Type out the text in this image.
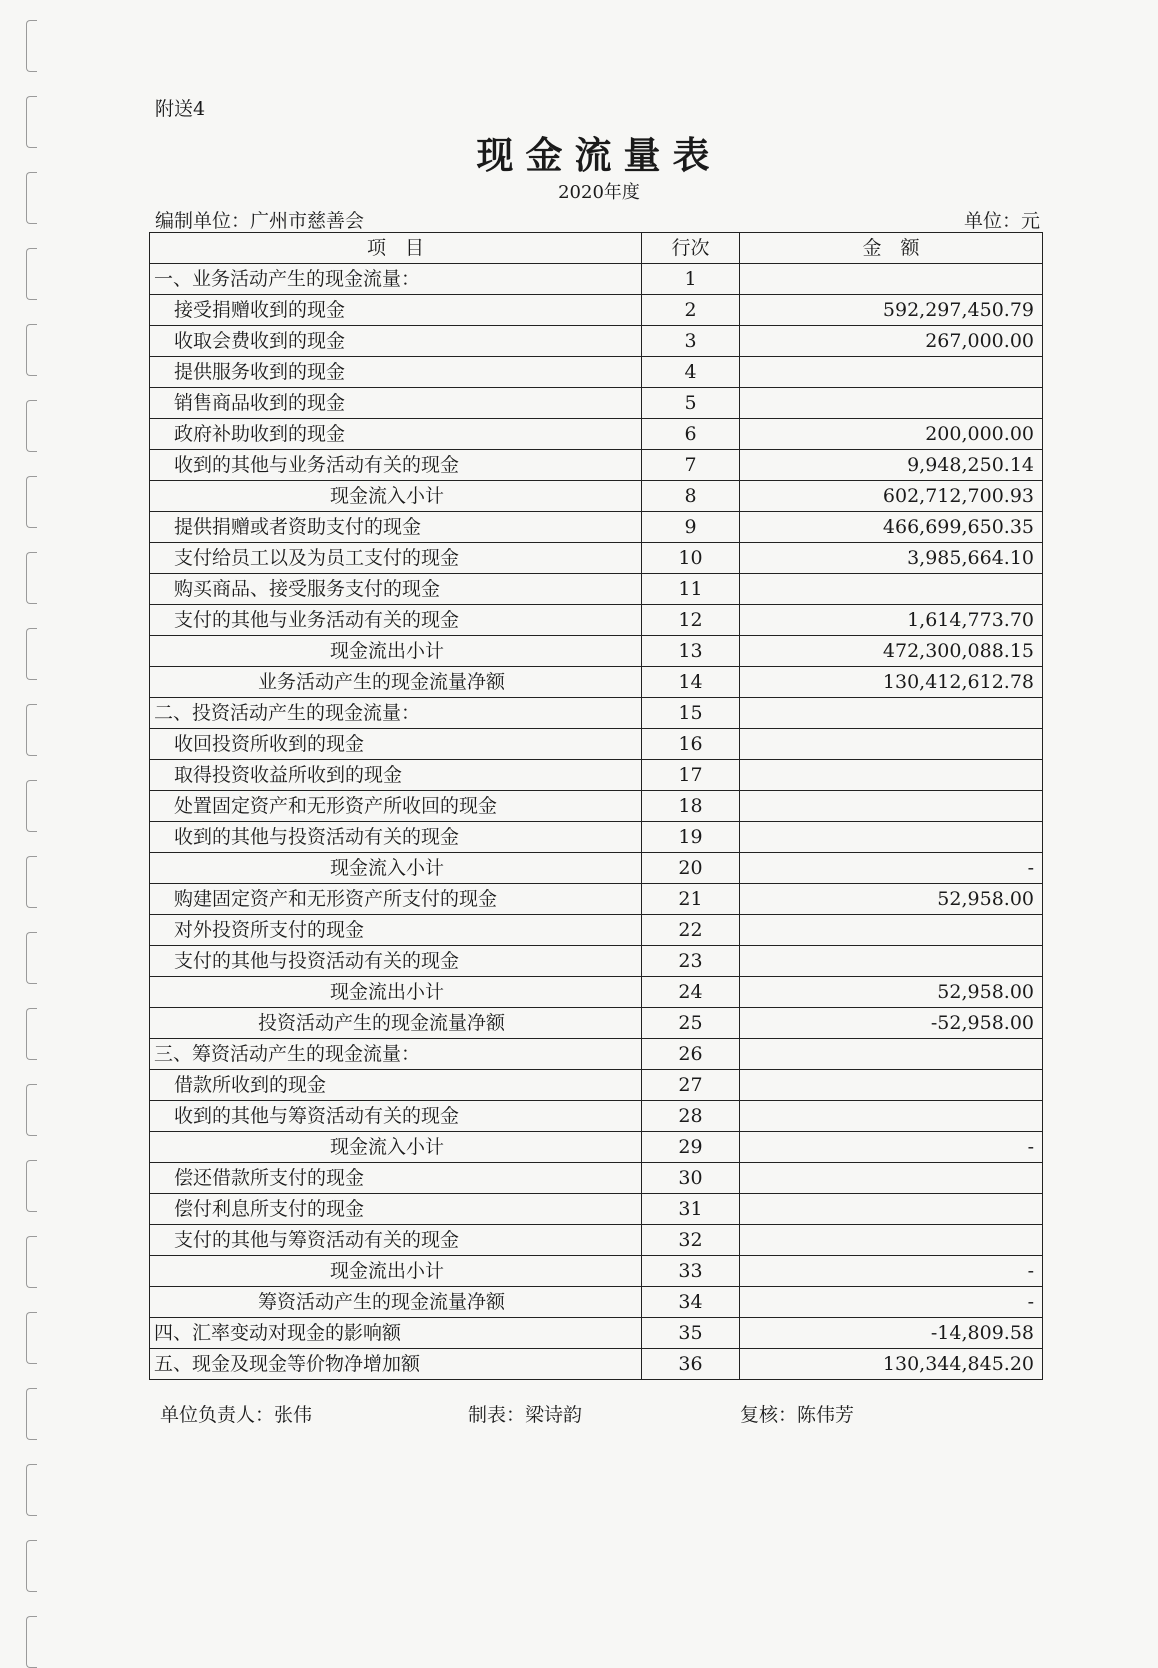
附送4
现金流量表
2020年度
编制单位：广州市慈善会	单位：元
项　目	行次	金　额
一、业务活动产生的现金流量：	1	
接受捐赠收到的现金	2	592,297,450.79
收取会费收到的现金	3	267,000.00
提供服务收到的现金	4	
销售商品收到的现金	5	
政府补助收到的现金	6	200,000.00
收到的其他与业务活动有关的现金	7	9,948,250.14
现金流入小计	8	602,712,700.93
提供捐赠或者资助支付的现金	9	466,699,650.35
支付给员工以及为员工支付的现金	10	3,985,664.10
购买商品、接受服务支付的现金	11	
支付的其他与业务活动有关的现金	12	1,614,773.70
现金流出小计	13	472,300,088.15
业务活动产生的现金流量净额	14	130,412,612.78
二、投资活动产生的现金流量：	15	
收回投资所收到的现金	16	
取得投资收益所收到的现金	17	
处置固定资产和无形资产所收回的现金	18	
收到的其他与投资活动有关的现金	19	
现金流入小计	20	-
购建固定资产和无形资产所支付的现金	21	52,958.00
对外投资所支付的现金	22	
支付的其他与投资活动有关的现金	23	
现金流出小计	24	52,958.00
投资活动产生的现金流量净额	25	-52,958.00
三、筹资活动产生的现金流量：	26	
借款所收到的现金	27	
收到的其他与筹资活动有关的现金	28	
现金流入小计	29	-
偿还借款所支付的现金	30	
偿付利息所支付的现金	31	
支付的其他与筹资活动有关的现金	32	
现金流出小计	33	-
筹资活动产生的现金流量净额	34	-
四、汇率变动对现金的影响额	35	-14,809.58
五、现金及现金等价物净增加额	36	130,344,845.20
单位负责人：张伟	制表：梁诗韵	复核：陈伟芳
